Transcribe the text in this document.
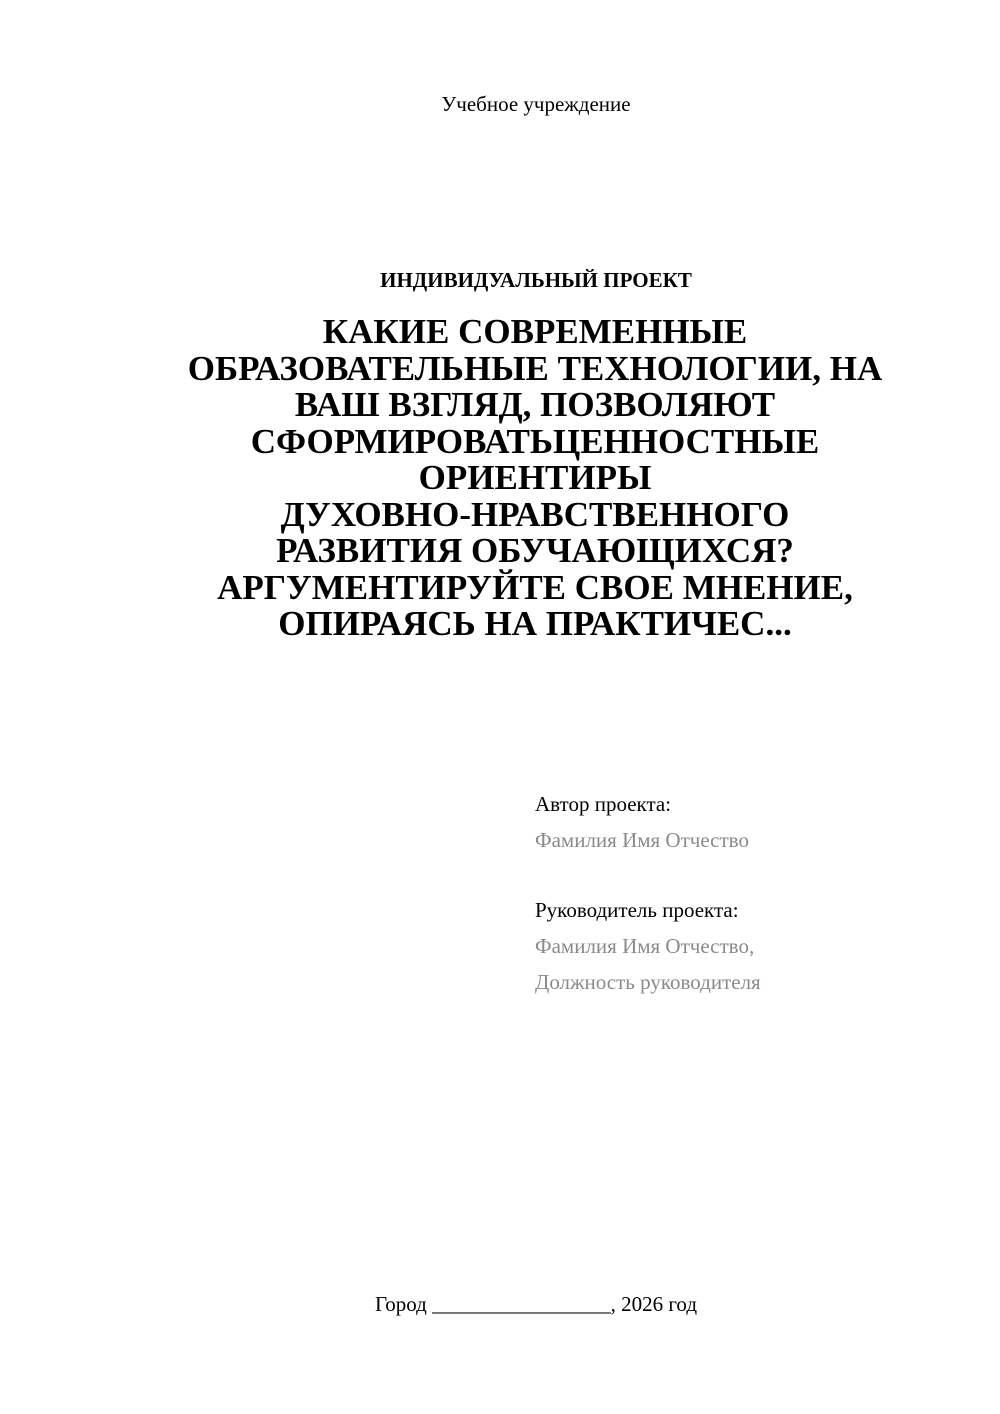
Учебное учреждение
ИНДИВИДУАЛЬНЫЙ ПРОЕКТ
КАКИЕ СОВРЕМЕННЫЕ
ОБРАЗОВАТЕЛЬНЫЕ ТЕХНОЛОГИИ, НА
ВАШ ВЗГЛЯД, ПОЗВОЛЯЮТ
СФОРМИРОВАТЬЦЕННОСТНЫЕ
ОРИЕНТИРЫ
ДУХОВНО-НРАВСТВЕННОГО
РАЗВИТИЯ ОБУЧАЮЩИХСЯ?
АРГУМЕНТИРУЙТЕ СВОЕ МНЕНИЕ,
ОПИРАЯСЬ НА ПРАКТИЧЕС...
Автор проекта:
Фамилия Имя Отчество
Руководитель проекта:
Фамилия Имя Отчество,
Должность руководителя
Город _________________, 2026 год
